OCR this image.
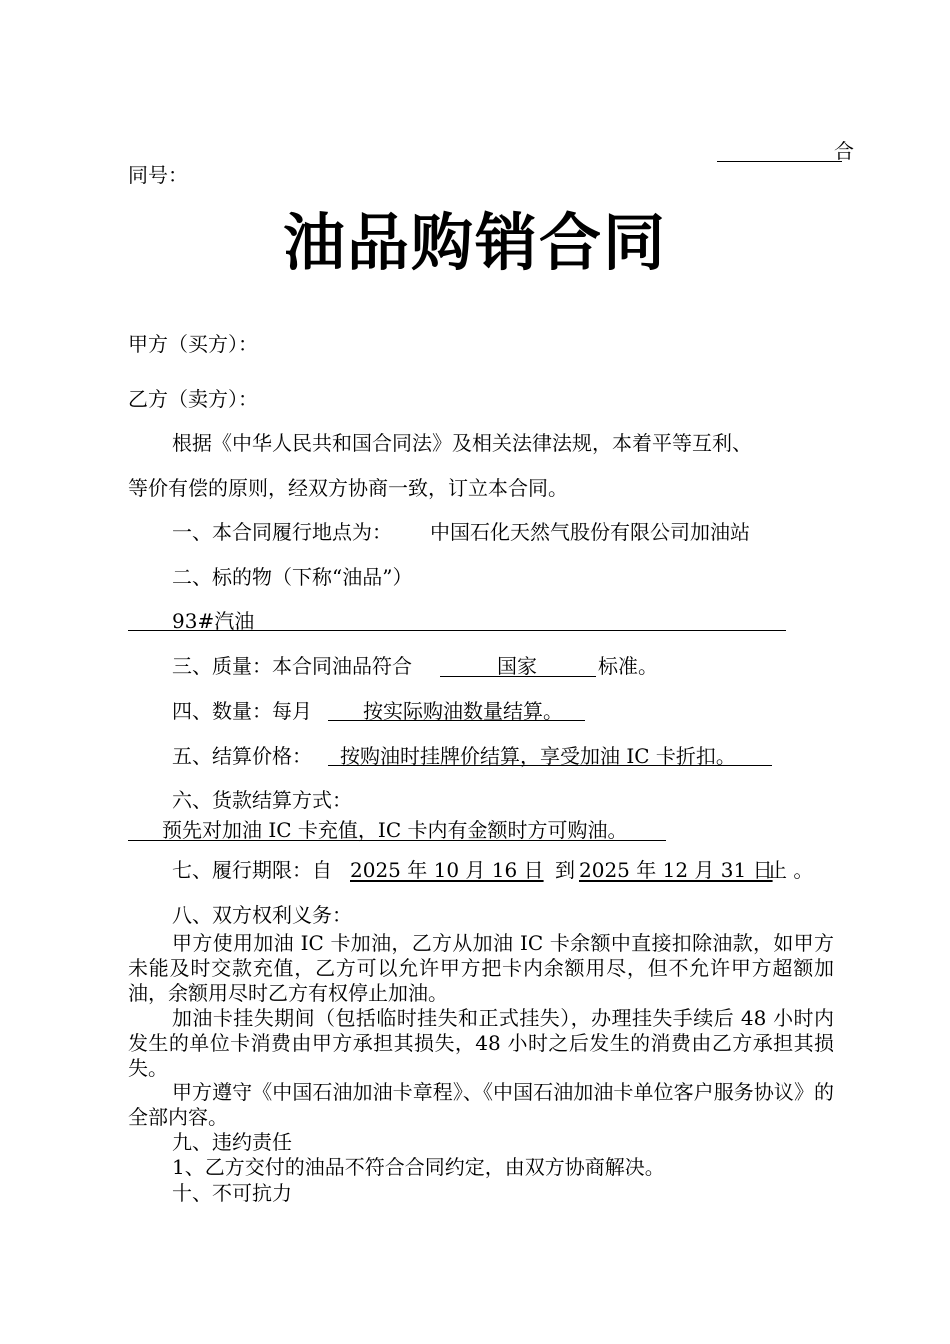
合
同号：
油品购销合同
甲方（买方）：
乙方（卖方）：
根据《中华人民共和国合同法》及相关法律法规，本着平等互利、
等价有偿的原则，经双方协商一致，订立本合同。
一、本合同履行地点为： 中国石化天然气股份有限公司加油站
二、标的物（下称“油品”）
93#汽油
三、质量：本合同油品符合	国家	标准。
四、数量：每月	按实际购油数量结算。
五、结算价格： 按购油时挂牌价结算，享受加油 IC 卡折扣。
六、货款结算方式：
预先对加油 IC 卡充值，IC 卡内有金额时方可购油。
七、履行期限：自 2025 年 10 月 16 日 到 2025 年 12 月 31 日
止 。
八、双方权利义务：
甲方使用加油 IC 卡加油，乙方从加油 IC 卡余额中直接扣除油款，如甲方未能及时交款充值，乙方可以允许甲方把卡内余额用尽，但不允许甲方超额加油，余额用尽时乙方有权停止加油。
加油卡挂失期间（包括临时挂失和正式挂失），办理挂失手续后 48 小时内发生的单位卡消费由甲方承担其损失，48 小时之后发生的消费由乙方承担其损失。
甲方遵守《中国石油加油卡章程》、《中国石油加油卡单位客户服务协议》的全部内容。
九、违约责任
1、乙方交付的油品不符合合同约定，由双方协商解决。
十、不可抗力
